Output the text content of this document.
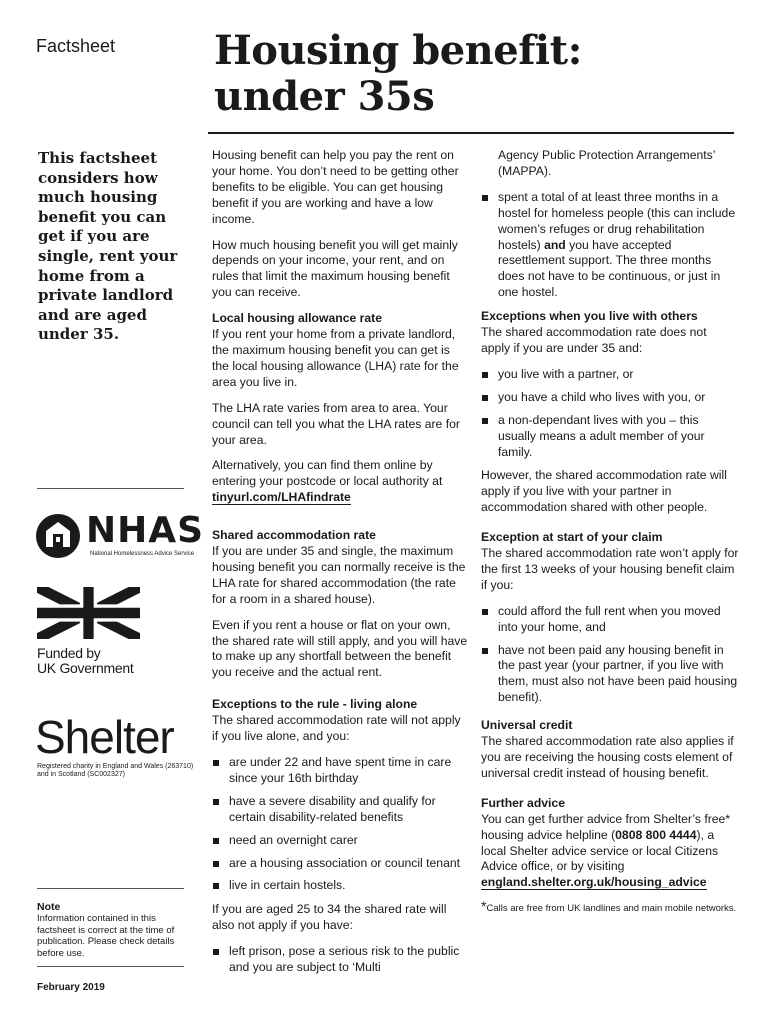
Factsheet Housing benefit:
under 35s

This factsheet considers how much housing benefit you can get if you are single, rent your home from a private landlord and are aged under 35.

NHAS
National Homelessness Advice Service
Funded by
UK Government
Shelter
Registered charity in England and Wales (263710) and in Scotland (SC002327)
Note
Information contained in this factsheet is correct at the time of publication. Please check details before use.
February 2019

Housing benefit can help you pay the rent on your home. You don’t need to be getting other benefits to be eligible. You can get housing benefit if you are working and have a low income.

How much housing benefit you will get mainly depends on your income, your rent, and on rules that limit the maximum housing benefit you can receive.

Local housing allowance rate

If you rent your home from a private landlord, the maximum housing benefit you can get is the local housing allowance (LHA) rate for the area you live in.

The LHA rate varies from area to area. Your council can tell you what the LHA rates are for your area.

Alternatively, you can find them online by entering your postcode or local authority at tinyurl.com/LHAfindrate

Shared accommodation rate

If you are under 35 and single, the maximum housing benefit you can normally receive is the LHA rate for shared accommodation (the rate for a room in a shared house).

Even if you rent a house or flat on your own, the shared rate will still apply, and you will have to make up any shortfall between the benefit you receive and the actual rent.

Exceptions to the rule - living alone

The shared accommodation rate will not apply if you live alone, and you:

are under 22 and have spent time in care since your 16th birthday
have a severe disability and qualify for certain disability-related benefits
need an overnight carer
are a housing association or council tenant
live in certain hostels.

If you are aged 25 to 34 the shared rate will also not apply if you have:

left prison, pose a serious risk to the public and you are subject to ‘Multi

Agency Public Protection Arrangements’ (MAPPA).

spent a total of at least three months in a hostel for homeless people (this can include women’s refuges or drug rehabilitation hostels) and you have accepted resettlement support. The three months does not have to be continuous, or just in one hostel.
Exceptions when you live with others

The shared accommodation rate does not apply if you are under 35 and:

you live with a partner, or
you have a child who lives with you, or
a non-dependant lives with you – this usually means a adult member of your family.

However, the shared accommodation rate will apply if you live with your partner in accommodation shared with other people.

Exception at start of your claim

The shared accommodation rate won’t apply for the first 13 weeks of your housing benefit claim if you:

could afford the full rent when you moved into your home, and
have not been paid any housing benefit in the past year (your partner, if you live with them, must also not have been paid housing benefit).
Universal credit

The shared accommodation rate also applies if you are receiving the housing costs element of universal credit instead of housing benefit.

Further advice

You can get further advice from Shelter’s free* housing advice helpline (0808 800 4444), a local Shelter advice service or local Citizens Advice office, or by visiting england.shelter.org.uk/housing_advice

*Calls are free from UK landlines and main mobile networks.
